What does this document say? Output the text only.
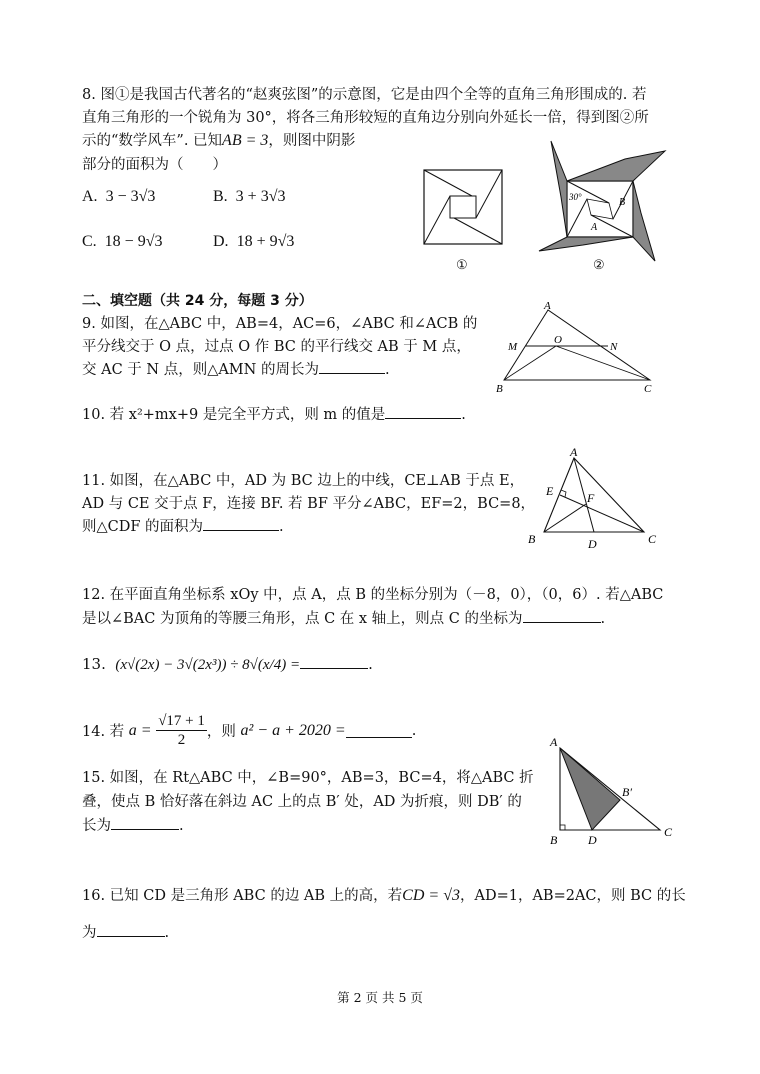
8. 图①是我国古代著名的“赵爽弦图”的示意图，它是由四个全等的直角三角形围成的. 若
直角三角形的一个锐角为 30°，将各三角形较短的直角边分别向外延长一倍，得到图②所
示的“数学风车”. 已知AB = 3，则图中阴影
部分的面积为（　　）
A. 3 − 3√3	B. 3 + 3√3
C. 18 − 9√3	D. 18 + 9√3
①
30°
A
B
②
二、填空题（共 24 分，每题 3 分）
9. 如图，在△ABC 中，AB=4，AC=6，∠ABC 和∠ACB 的
平分线交于 O 点，过点 O 作 BC 的平行线交 AB 于 M 点，
交 AC 于 N 点，则△AMN 的周长为	.
A
M
O
N
B	C
10. 若 x²+mx+9 是完全平方式，则 m 的值是	.
11. 如图，在△ABC 中，AD 为 BC 边上的中线，CE⊥AB 于点 E，
AD 与 CE 交于点 F，连接 BF. 若 BF 平分∠ABC，EF=2，BC=8，
则△CDF 的面积为	.
A
E	F
B	D	C
12. 在平面直角坐标系 xOy 中，点 A，点 B 的坐标分别为（－8，0），（0，6）. 若△ABC
是以∠BAC 为顶角的等腰三角形，点 C 在 x 轴上，则点 C 的坐标为	.
13. (x√(2x) − 3√(2x³)) ÷ 8√(x/4) =	.
14. 若
a =
$\frac{√17 + 1}{2}$ ，则
a² − a + 2020 =	.
15. 如图，在 Rt△ABC 中，∠B=90°，AB=3，BC=4，将△ABC 折
叠，使点 B 恰好落在斜边 AC 上的点 B′ 处，AD 为折痕，则 DB′ 的
长为	.
A
B′
B	D
C
16. 已知 CD 是三角形 ABC 的边 AB 上的高，若CD = √3，AD=1，AB=2AC，则 BC 的长
为	.
第 2 页 共 5 页
